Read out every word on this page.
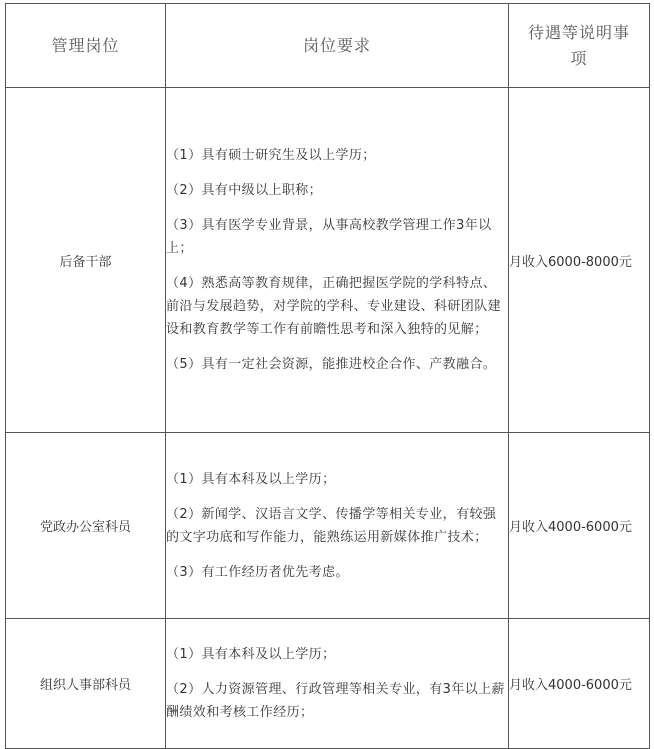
管理岗位	岗位要求	待遇等说明事项

后备干部	（1）具有硕士研究生及以上学历；

（2）具有中级以上职称；

（3）具有医学专业背景，从事高校教学管理工作3年以上；

（4）熟悉高等教育规律，正确把握医学院的学科特点、前沿与发展趋势，对学院的学科、专业建设、科研团队建设和教育教学等工作有前瞻性思考和深入独特的见解；

（5）具有一定社会资源，能推进校企合作、产教融合。	月收入6000-8000元
党政办公室科员	（1）具有本科及以上学历；

（2）新闻学、汉语言文学、传播学等相关专业，有较强的文字功底和写作能力，能熟练运用新媒体推广技术；

（3）有工作经历者优先考虑。	月收入4000-6000元
组织人事部科员	（1）具有本科及以上学历；

（2）人力资源管理、行政管理等相关专业，有3年以上薪酬绩效和考核工作经历；	月收入4000-6000元
